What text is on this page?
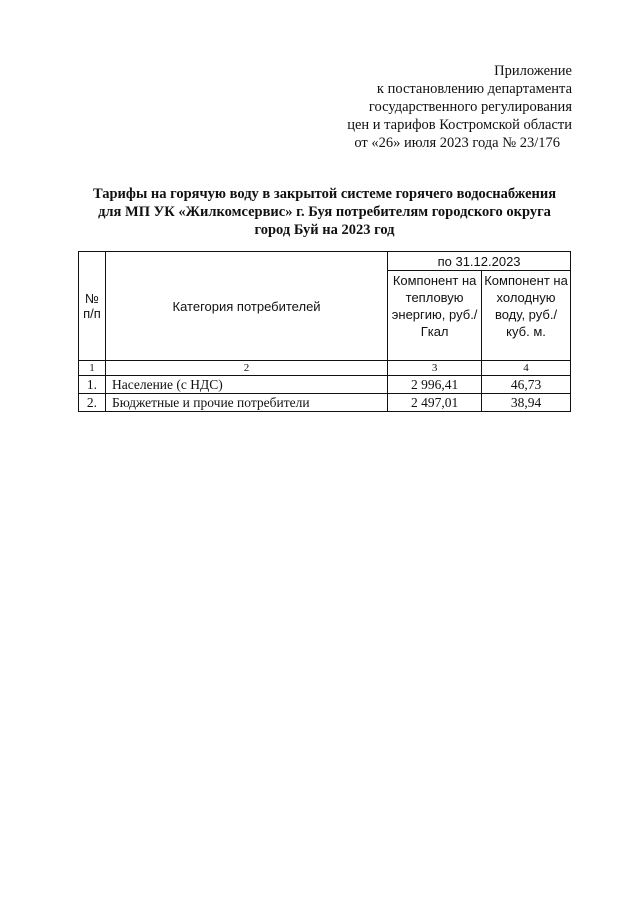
Приложение
к постановлению департамента
государственного регулирования
цен и тарифов Костромской области
от «26» июля 2023 года № 23/176
Тарифы на горячую воду в закрытой системе горячего водоснабжения
для МП УК «Жилкомсервис» г. Буя потребителям городского округа
город Буй на 2023 год
№ п/п	Категория потребителей	по 31.12.2023	
		Компонент на тепловую энергию, руб./Гкал	Компонент на холодную воду, руб./куб. м.
1	2	3	4
1.	Население (с НДС)	2 996,41	46,73
2.	Бюджетные и прочие потребители	2 497,01	38,94
